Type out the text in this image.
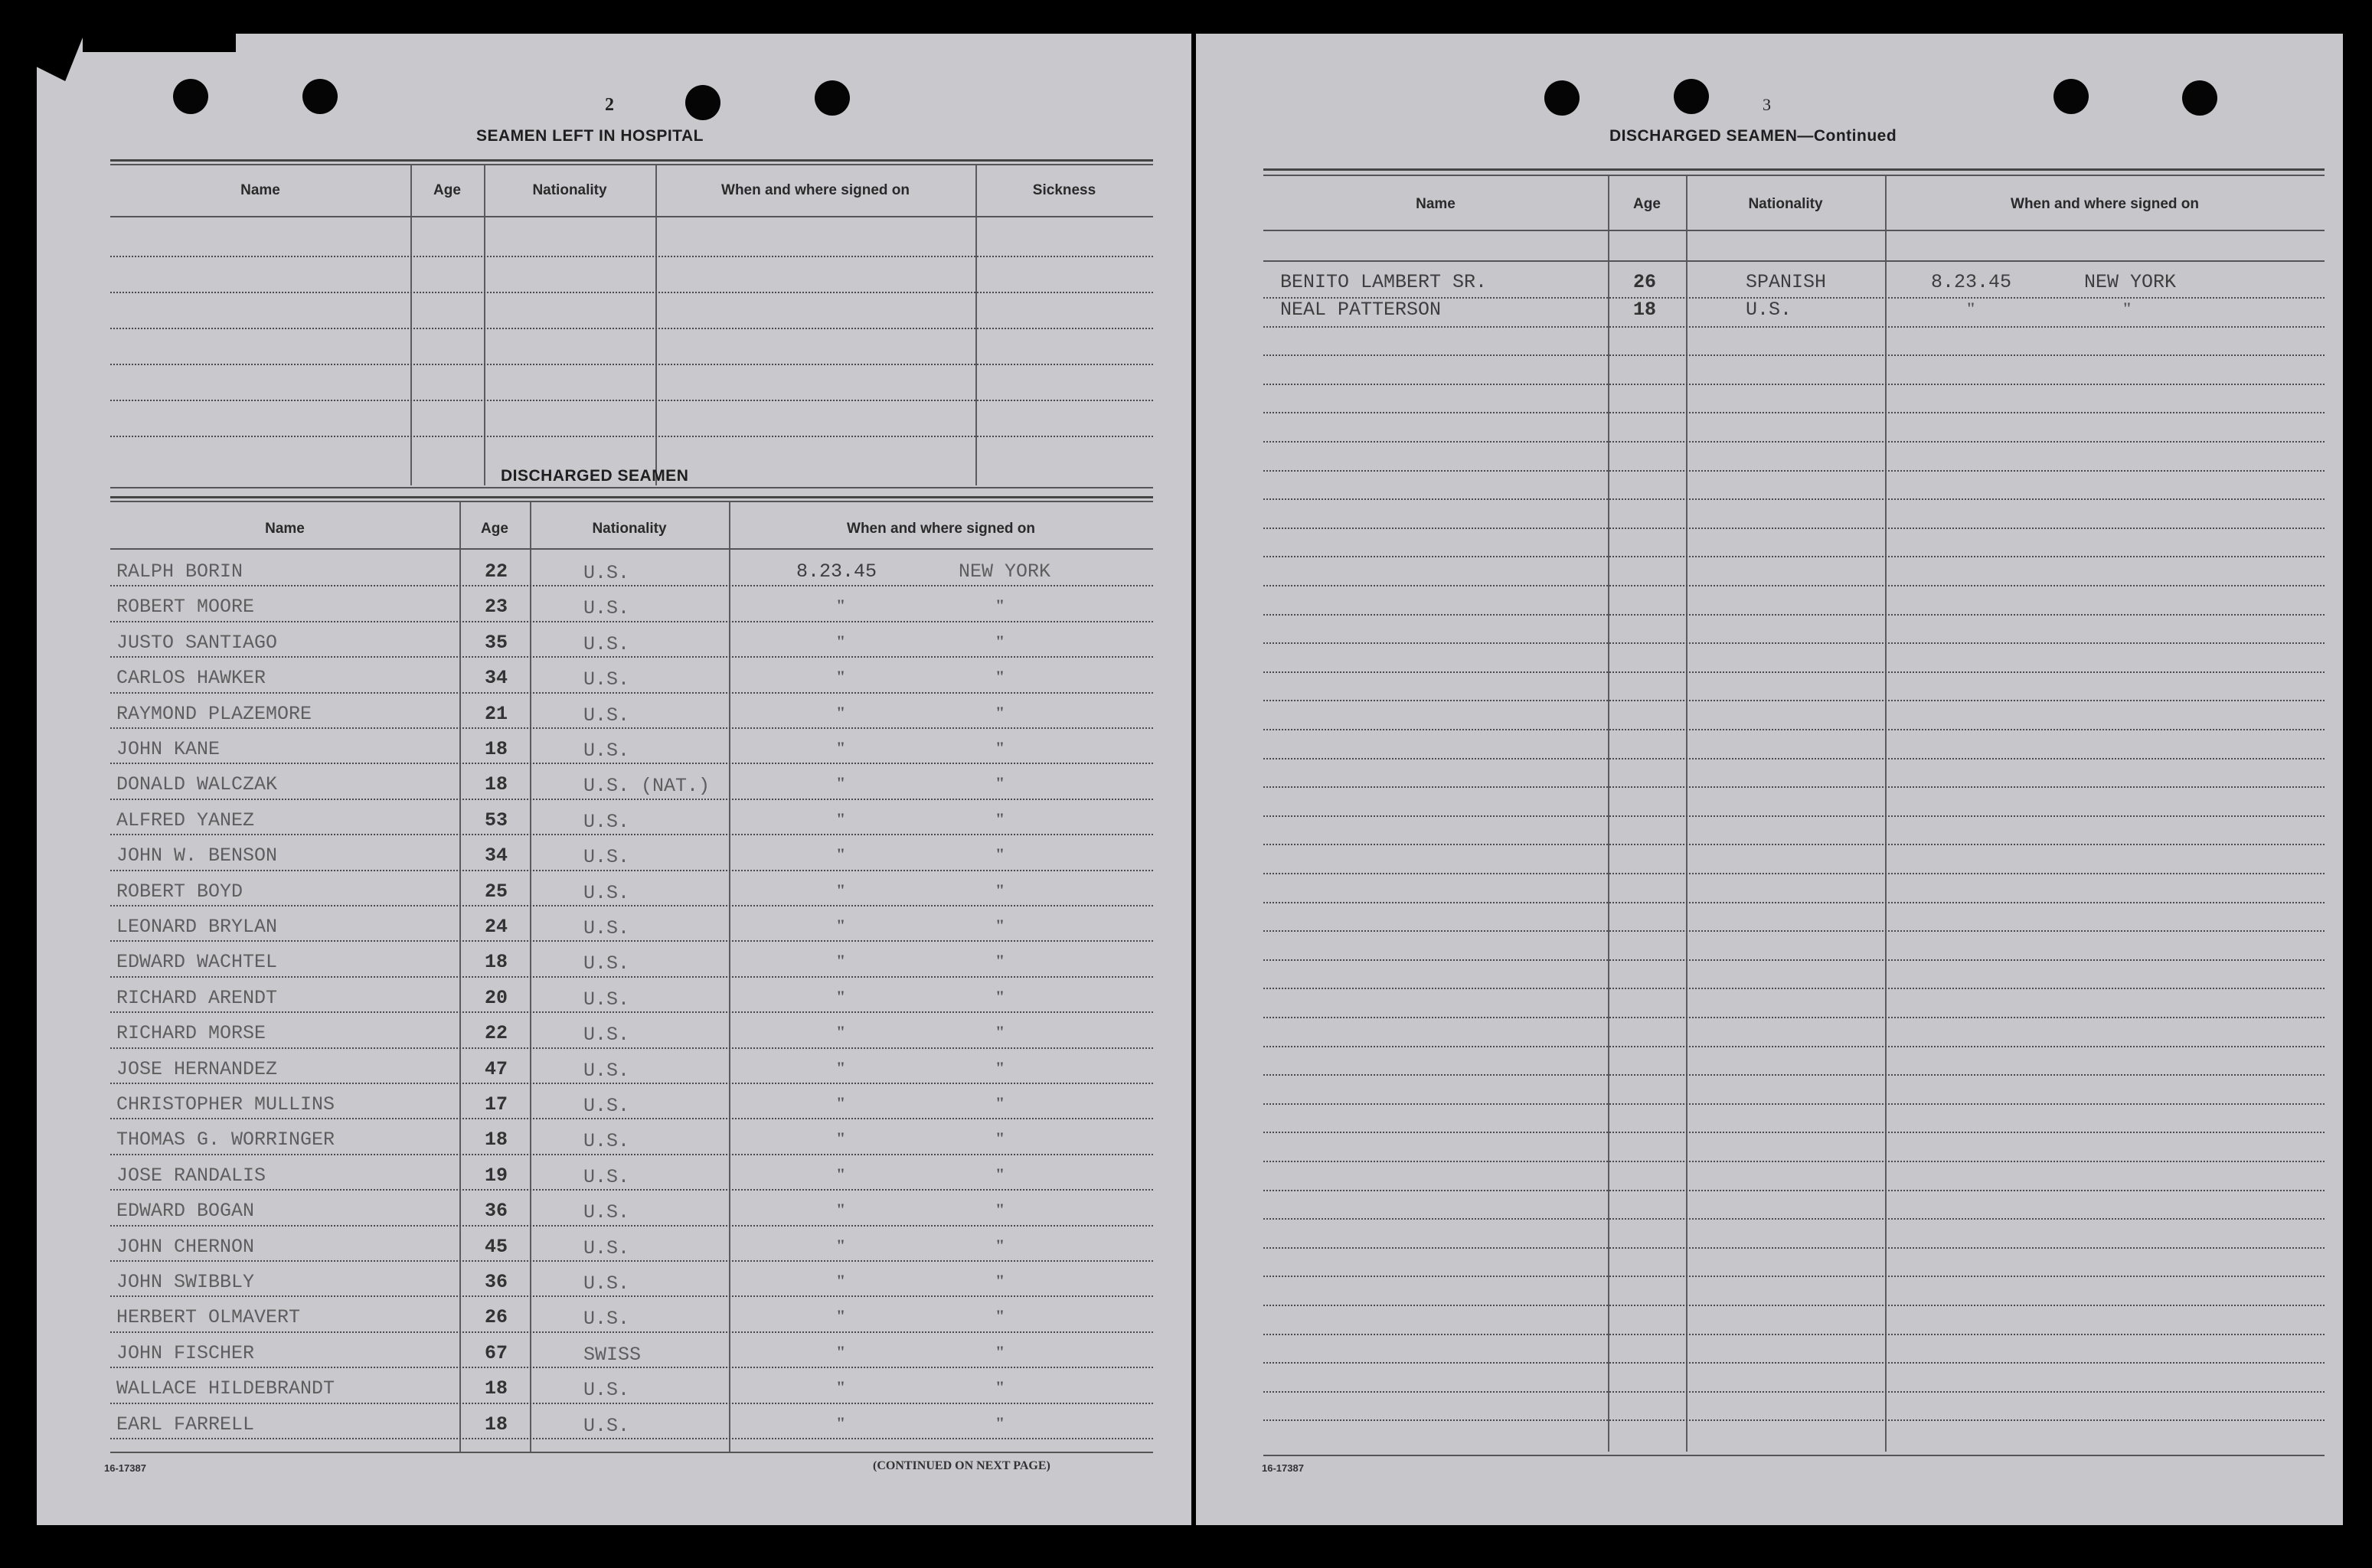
2
SEAMEN LEFT IN HOSPITAL
Name	Age	Nationality	When and where signed on	Sickness
DISCHARGED SEAMEN
Name	Age	Nationality	When and where signed on
RALPH BORIN	22	U.S.	8.23.45	NEW YORK
ROBERT MOORE	23	U.S.	"	"
JUSTO SANTIAGO	35	U.S.	"	"
CARLOS HAWKER	34	U.S.	"	"
RAYMOND PLAZEMORE	21	U.S.	"	"
JOHN KANE	18	U.S.	"	"
DONALD WALCZAK	18	U.S. (NAT.)	"	"
ALFRED YANEZ	53	U.S.	"	"
JOHN W. BENSON	34	U.S.	"	"
ROBERT BOYD	25	U.S.	"	"
LEONARD BRYLAN	24	U.S.	"	"
EDWARD WACHTEL	18	U.S.	"	"
RICHARD ARENDT	20	U.S.	"	"
RICHARD MORSE	22	U.S.	"	"
JOSE HERNANDEZ	47	U.S.	"	"
CHRISTOPHER MULLINS	17	U.S.	"	"
THOMAS G. WORRINGER	18	U.S.	"	"
JOSE RANDALIS	19	U.S.	"	"
EDWARD BOGAN	36	U.S.	"	"
JOHN CHERNON	45	U.S.	"	"
JOHN SWIBBLY	36	U.S.	"	"
HERBERT OLMAVERT	26	U.S.	"	"
JOHN FISCHER	67	SWISS	"	"
WALLACE HILDEBRANDT	18	U.S.	"	"
EARL FARRELL	18	U.S.	"	"
16-17387	(CONTINUED ON NEXT PAGE)
3
DISCHARGED SEAMEN—Continued
Name	Age	Nationality	When and where signed on
BENITO LAMBERT SR.	26	SPANISH	8.23.45	NEW YORK
NEAL PATTERSON	18	U.S.	"	"
16-17387
